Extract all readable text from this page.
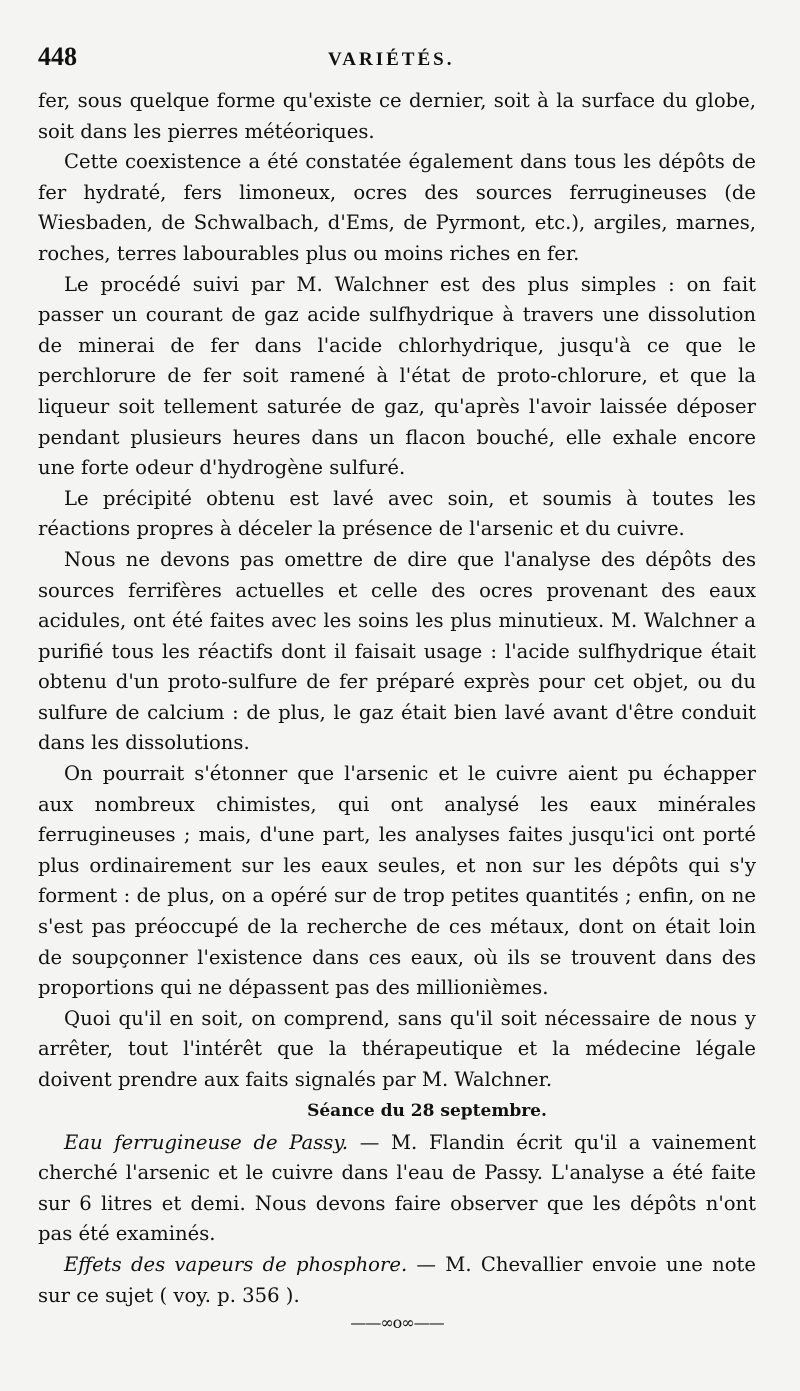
448	VARIÉTÉS.

fer, sous quelque forme qu'existe ce dernier, soit à la surface du globe, soit dans les pierres météoriques.

Cette coexistence a été constatée également dans tous les dépôts de fer hydraté, fers limoneux, ocres des sources ferrugineuses (de Wiesbaden, de Schwalbach, d'Ems, de Pyrmont, etc.), argiles, marnes, roches, terres labourables plus ou moins riches en fer.

Le procédé suivi par M. Walchner est des plus simples : on fait passer un courant de gaz acide sulfhydrique à travers une dissolution de minerai de fer dans l'acide chlorhydrique, jusqu'à ce que le perchlorure de fer soit ramené à l'état de proto-chlorure, et que la liqueur soit tellement saturée de gaz, qu'après l'avoir laissée déposer pendant plusieurs heures dans un flacon bouché, elle exhale encore une forte odeur d'hydrogène sulfuré.

Le précipité obtenu est lavé avec soin, et soumis à toutes les réactions propres à déceler la présence de l'arsenic et du cuivre.

Nous ne devons pas omettre de dire que l'analyse des dépôts des sources ferrifères actuelles et celle des ocres provenant des eaux acidules, ont été faites avec les soins les plus minutieux. M. Walchner a purifié tous les réactifs dont il faisait usage : l'acide sulfhydrique était obtenu d'un proto-sulfure de fer préparé exprès pour cet objet, ou du sulfure de calcium : de plus, le gaz était bien lavé avant d'être conduit dans les dissolutions.

On pourrait s'étonner que l'arsenic et le cuivre aient pu échapper aux nombreux chimistes, qui ont analysé les eaux minérales ferrugineuses ; mais, d'une part, les analyses faites jusqu'ici ont porté plus ordinairement sur les eaux seules, et non sur les dépôts qui s'y forment : de plus, on a opéré sur de trop petites quantités ; enfin, on ne s'est pas préoccupé de la recherche de ces métaux, dont on était loin de soupçonner l'existence dans ces eaux, où ils se trouvent dans des proportions qui ne dépassent pas des millionièmes.

Quoi qu'il en soit, on comprend, sans qu'il soit nécessaire de nous y arrêter, tout l'intérêt que la thérapeutique et la médecine légale doivent prendre aux faits signalés par M. Walchner.

Séance du 28 septembre.

Eau ferrugineuse de Passy. — M. Flandin écrit qu'il a vainement cherché l'arsenic et le cuivre dans l'eau de Passy. L'analyse a été faite sur 6 litres et demi. Nous devons faire observer que les dépôts n'ont pas été examinés.

Effets des vapeurs de phosphore. — M. Chevallier envoie une note sur ce sujet ( voy. p. 356 ).

——∞o∞——
